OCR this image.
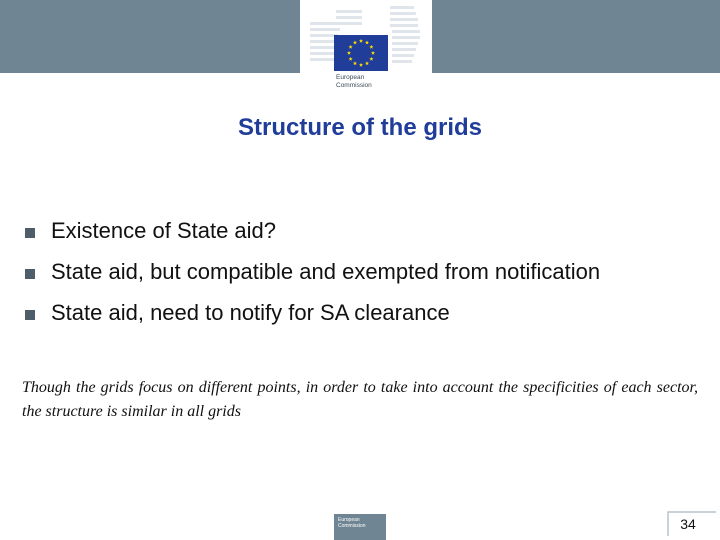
European
Commission
Structure of the grids
Existence of State aid?
State aid, but compatible and exempted from notification
State aid, need to notify for SA clearance

Though the grids focus on different points, in order to take into account the specificities of each sector, the structure is similar in all grids

European Commission	34
